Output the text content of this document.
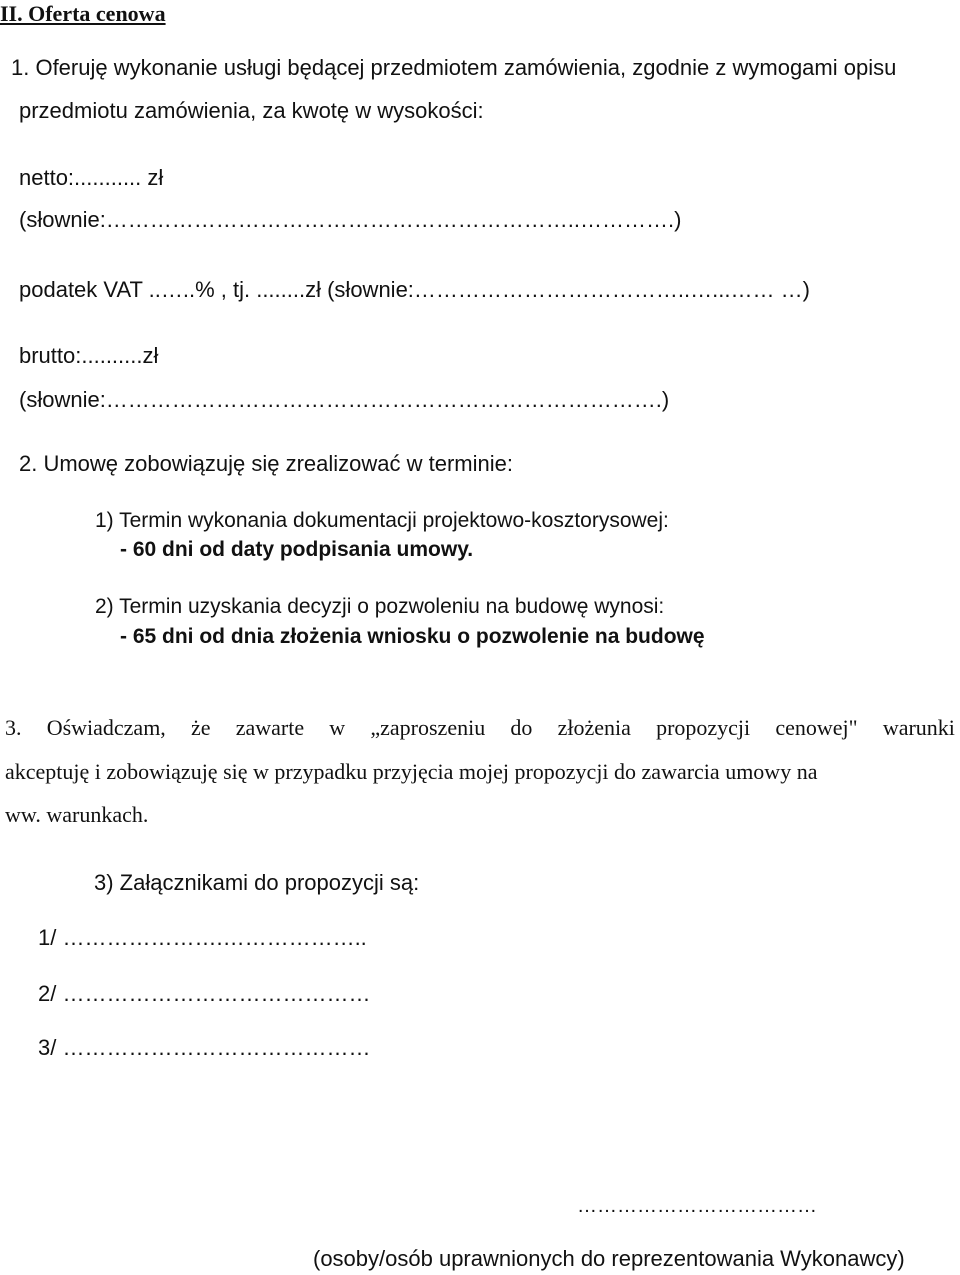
II. Oferta cenowa
1. Oferuję wykonanie usługi będącej przedmiotem zamówienia, zgodnie z wymogami opisu
przedmiotu zamówienia, za kwotę w wysokości:
netto:........... zł
(słownie:………………………………………………………..………….)
podatek VAT ..…..% , tj. ........zł (słownie:………………………………..…...…… …)
brutto:..........zł
(słownie:………………………………………………………………….)
2. Umowę zobowiązuję się zrealizować w terminie:
1) Termin wykonania dokumentacji projektowo-kosztorysowej:
- 60 dni od daty podpisania umowy.
2) Termin uzyskania decyzji o pozwoleniu na budowę wynosi:
- 65 dni od dnia złożenia wniosku o pozwolenie na budowę
3. Oświadczam, że zawarte w „zaproszeniu do złożenia propozycji cenowej" warunki
akceptuję i zobowiązuję się w przypadku przyjęcia mojej propozycji do zawarcia umowy na
ww. warunkach.
3) Załącznikami do propozycji są:
1/ ………………….………………..
2/ ……………………………………
3/ ……………………………………
………………………………
(osoby/osób uprawnionych do reprezentowania Wykonawcy)
